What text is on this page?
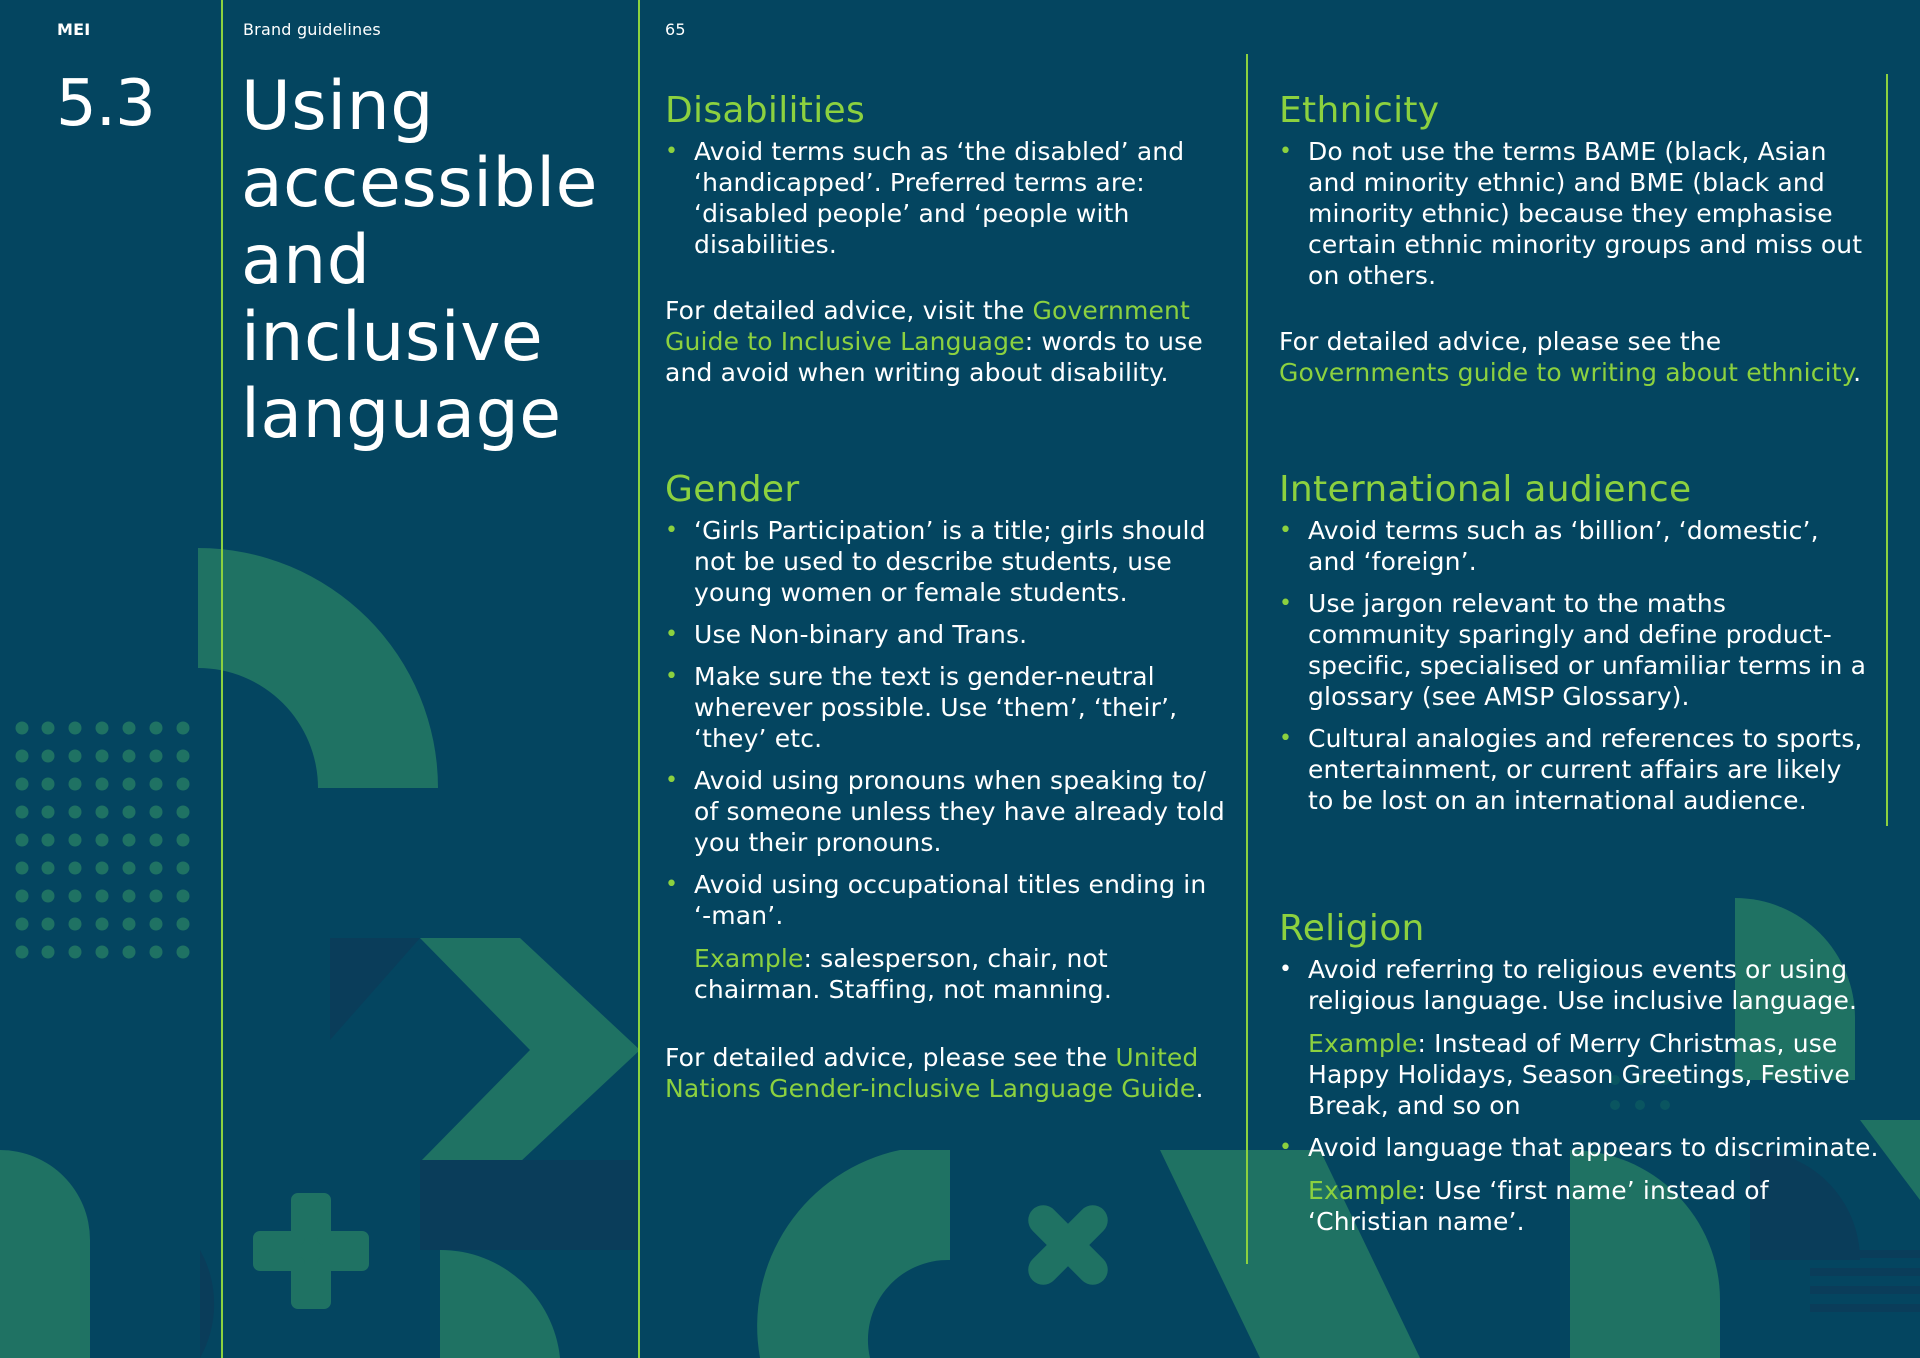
MEI	Brand guidelines	65
5.3 Using
accessible
and
inclusive
language
Disabilities
• Avoid terms such as ‘the disabled’ and ‘handicapped’. Preferred terms are: ‘disabled people’ and ‘people with disabilities.

For detailed advice, visit the Government Guide to Inclusive Language: words to use and avoid when writing about disability.

Gender
• ‘Girls Participation’ is a title; girls should not be used to describe students, use young women or female students.
• Use Non-binary and Trans.
• Make sure the text is gender-neutral wherever possible. Use ‘them’, ‘their’, ‘they’ etc.
• Avoid using pronouns when speaking to/ of someone unless they have already told you their pronouns.
• Avoid using occupational titles ending in ‘-man’.
Example: salesperson, chair, not chairman. Staffing, not manning.

For detailed advice, please see the United Nations Gender-inclusive Language Guide.

Ethnicity
• Do not use the terms BAME (black, Asian and minority ethnic) and BME (black and minority ethnic) because they emphasise certain ethnic minority groups and miss out on others.

For detailed advice, please see the Governments guide to writing about ethnicity.

International audience
• Avoid terms such as ‘billion’, ‘domestic’, and ‘foreign’.
• Use jargon relevant to the maths community sparingly and define product-specific, specialised or unfamiliar terms in a glossary (see AMSP Glossary).
• Cultural analogies and references to sports, entertainment, or current affairs are likely to be lost on an international audience.
Religion
• Avoid referring to religious events or using religious language. Use inclusive language.
Example: Instead of Merry Christmas, use Happy Holidays, Season Greetings, Festive Break, and so on
• Avoid language that appears to discriminate.
Example: Use ‘first name’ instead of ‘Christian name’.
